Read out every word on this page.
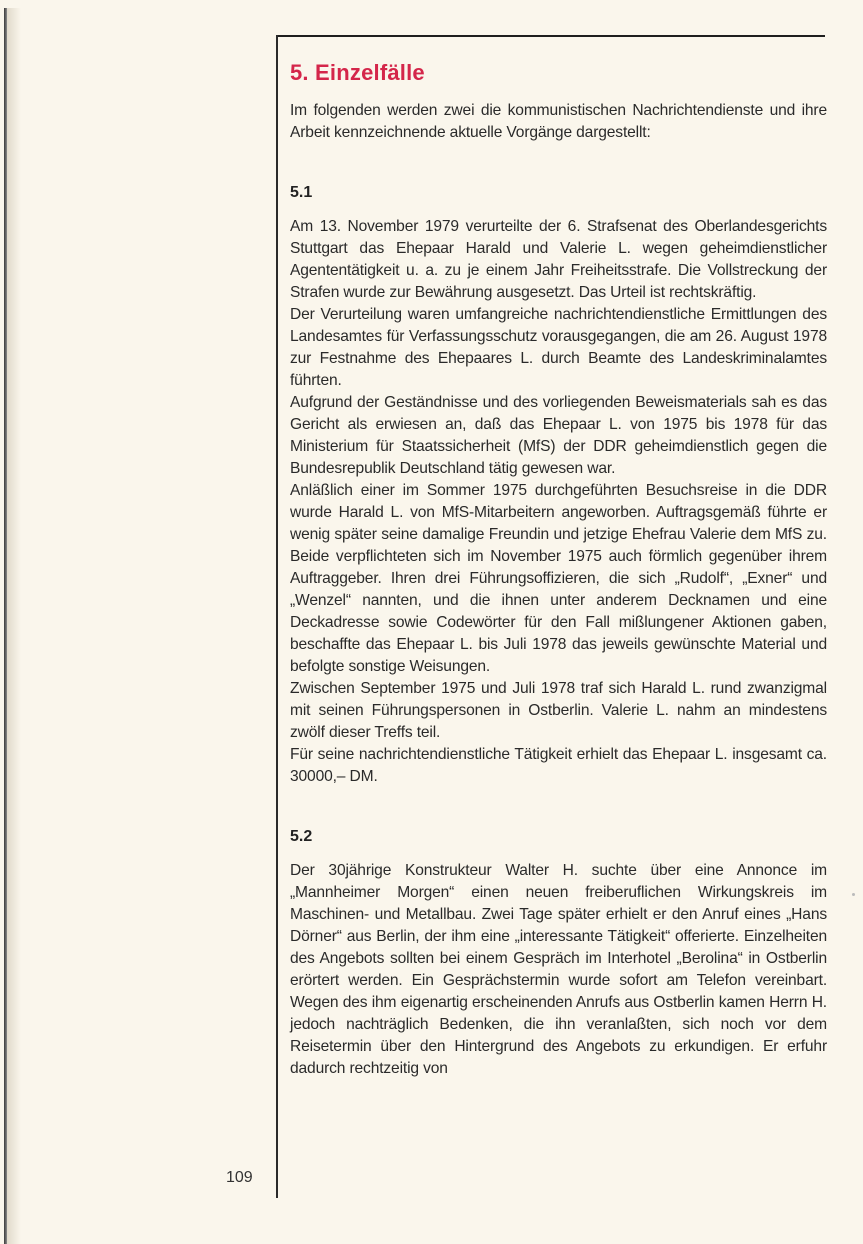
5. Einzelfälle

Im folgenden werden zwei die kommunistischen Nachrichtendienste und ihre Arbeit kennzeichnende aktuelle Vorgänge dargestellt:

5.1

Am 13. November 1979 verurteilte der 6. Strafsenat des Oberlandesgerichts Stuttgart das Ehepaar Harald und Valerie L. wegen geheimdienstlicher Agententätigkeit u. a. zu je einem Jahr Freiheitsstrafe. Die Vollstreckung der Strafen wurde zur Bewährung ausgesetzt. Das Urteil ist rechtskräftig.

Der Verurteilung waren umfangreiche nachrichtendienstliche Ermittlungen des Landesamtes für Verfassungsschutz vorausgegangen, die am 26. August 1978 zur Festnahme des Ehepaares L. durch Beamte des Landeskriminalamtes führten.

Aufgrund der Geständnisse und des vorliegenden Beweismaterials sah es das Gericht als erwiesen an, daß das Ehepaar L. von 1975 bis 1978 für das Ministerium für Staatssicherheit (MfS) der DDR geheimdienstlich gegen die Bundesrepublik Deutschland tätig gewesen war.

Anläßlich einer im Sommer 1975 durchgeführten Besuchsreise in die DDR wurde Harald L. von MfS-Mitarbeitern angeworben. Auftragsgemäß führte er wenig später seine damalige Freundin und jetzige Ehefrau Valerie dem MfS zu. Beide verpflichteten sich im November 1975 auch förmlich gegenüber ihrem Auftraggeber. Ihren drei Führungsoffizieren, die sich „Rudolf“, „Exner“ und „Wenzel“ nannten, und die ihnen unter anderem Decknamen und eine Deckadresse sowie Codewörter für den Fall mißlungener Aktionen gaben, beschaffte das Ehepaar L. bis Juli 1978 das jeweils gewünschte Material und befolgte sonstige Weisungen.

Zwischen September 1975 und Juli 1978 traf sich Harald L. rund zwanzigmal mit seinen Führungspersonen in Ostberlin. Valerie L. nahm an mindestens zwölf dieser Treffs teil.

Für seine nachrichtendienstliche Tätigkeit erhielt das Ehepaar L. insgesamt ca. 30000,– DM.

5.2

Der 30jährige Konstrukteur Walter H. suchte über eine Annonce im „Mannheimer Morgen“ einen neuen freiberuflichen Wirkungskreis im Maschinen- und Metallbau. Zwei Tage später erhielt er den Anruf eines „Hans Dörner“ aus Berlin, der ihm eine „interessante Tätigkeit“ offerierte. Einzelheiten des Angebots sollten bei einem Gespräch im Interhotel „Berolina“ in Ostberlin erörtert werden. Ein Gesprächstermin wurde sofort am Telefon vereinbart. Wegen des ihm eigenartig erscheinenden Anrufs aus Ostberlin kamen Herrn H. jedoch nachträglich Bedenken, die ihn veranlaßten, sich noch vor dem Reisetermin über den Hintergrund des Angebots zu erkundigen. Er erfuhr dadurch rechtzeitig von

109
